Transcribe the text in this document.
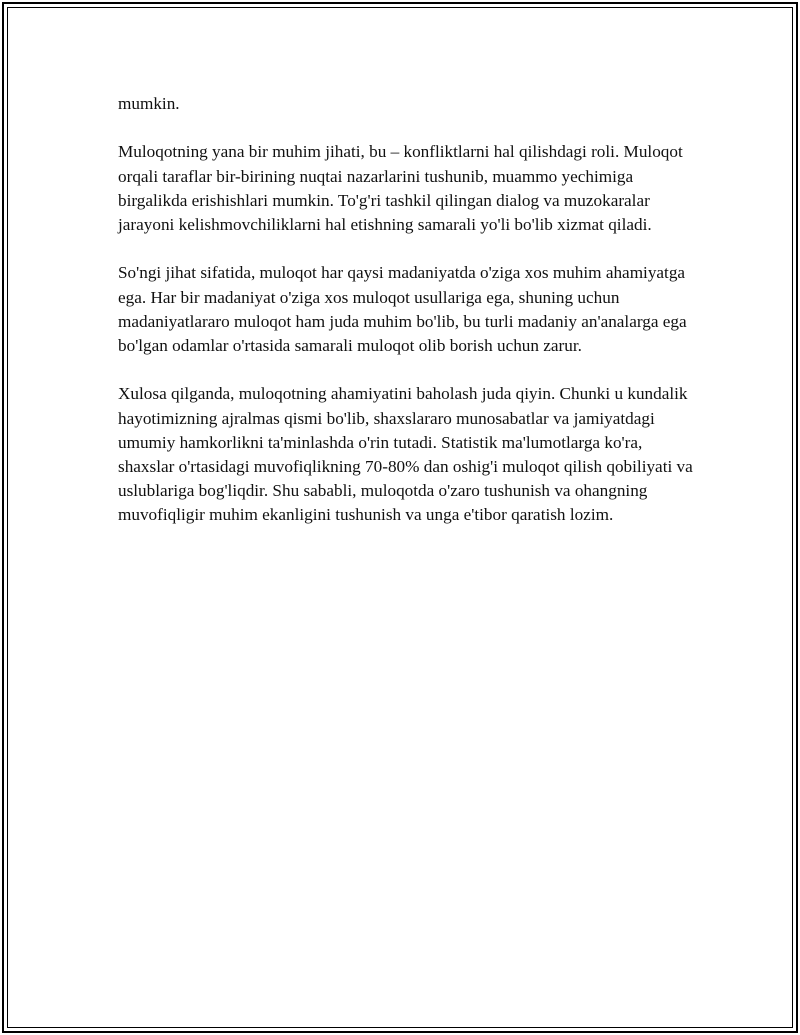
mumkin.

Muloqotning yana bir muhim jihati, bu – konfliktlarni hal qilishdagi roli. Muloqot orqali taraflar bir-birining nuqtai nazarlarini tushunib, muammo yechimiga birgalikda erishishlari mumkin. To'g'ri tashkil qilingan dialog va muzokaralar jarayoni kelishmovchiliklarni hal etishning samarali yo'li bo'lib xizmat qiladi.

So'ngi jihat sifatida, muloqot har qaysi madaniyatda o'ziga xos muhim ahamiyatga ega. Har bir madaniyat o'ziga xos muloqot usullariga ega, shuning uchun madaniyatlararo muloqot ham juda muhim bo'lib, bu turli madaniy an'analarga ega bo'lgan odamlar o'rtasida samarali muloqot olib borish uchun zarur.

Xulosa qilganda, muloqotning ahamiyatini baholash juda qiyin. Chunki u kundalik hayotimizning ajralmas qismi bo'lib, shaxslararo munosabatlar va jamiyatdagi umumiy hamkorlikni ta'minlashda o'rin tutadi. Statistik ma'lumotlarga ko'ra, shaxslar o'rtasidagi muvofiqlikning 70-80% dan oshig'i muloqot qilish qobiliyati va uslublariga bog'liqdir. Shu sababli, muloqotda o'zaro tushunish va ohangning muvofiqligir muhim ekanligini tushunish va unga e'tibor qaratish lozim.
